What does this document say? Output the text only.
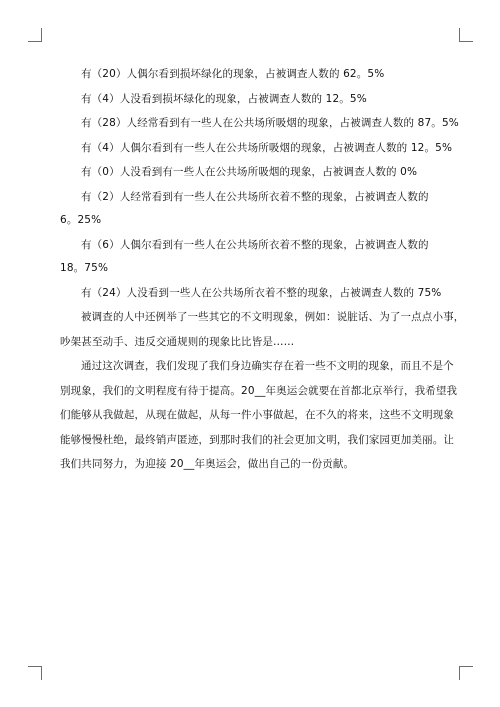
有（20）人偶尔看到损坏绿化的现象，占被调查人数的 62。5%
有（4）人没看到损坏绿化的现象，占被调查人数的 12。5%
有（28）人经常看到有一些人在公共场所吸烟的现象，占被调查人数的 87。5%
有（4）人偶尔看到有一些人在公共场所吸烟的现象，占被调查人数的 12。5%
有（0）人没看到有一些人在公共场所吸烟的现象，占被调查人数的 0%
有（2）人经常看到有一些人在公共场所衣着不整的现象，占被调查人数的
6。25%
有（6）人偶尔看到有一些人在公共场所衣着不整的现象，占被调查人数的
18。75%
有（24）人没看到一些人在公共场所衣着不整的现象，占被调查人数的 75%
被调查的人中还例举了一些其它的不文明现象，例如：说脏话、为了一点点小事，
吵架甚至动手、违反交通规则的现象比比皆是……
通过这次调查，我们发现了我们身边确实存在着一些不文明的现象，而且不是个
别现象，我们的文明程度有待于提高。20__年奥运会就要在首都北京举行，我希望我
们能够从我做起，从现在做起，从每一件小事做起，在不久的将来，这些不文明现象
能够慢慢杜绝，最终销声匿迹，到那时我们的社会更加文明，我们家园更加美丽。让
我们共同努力，为迎接 20__年奥运会，做出自己的一份贡献。
